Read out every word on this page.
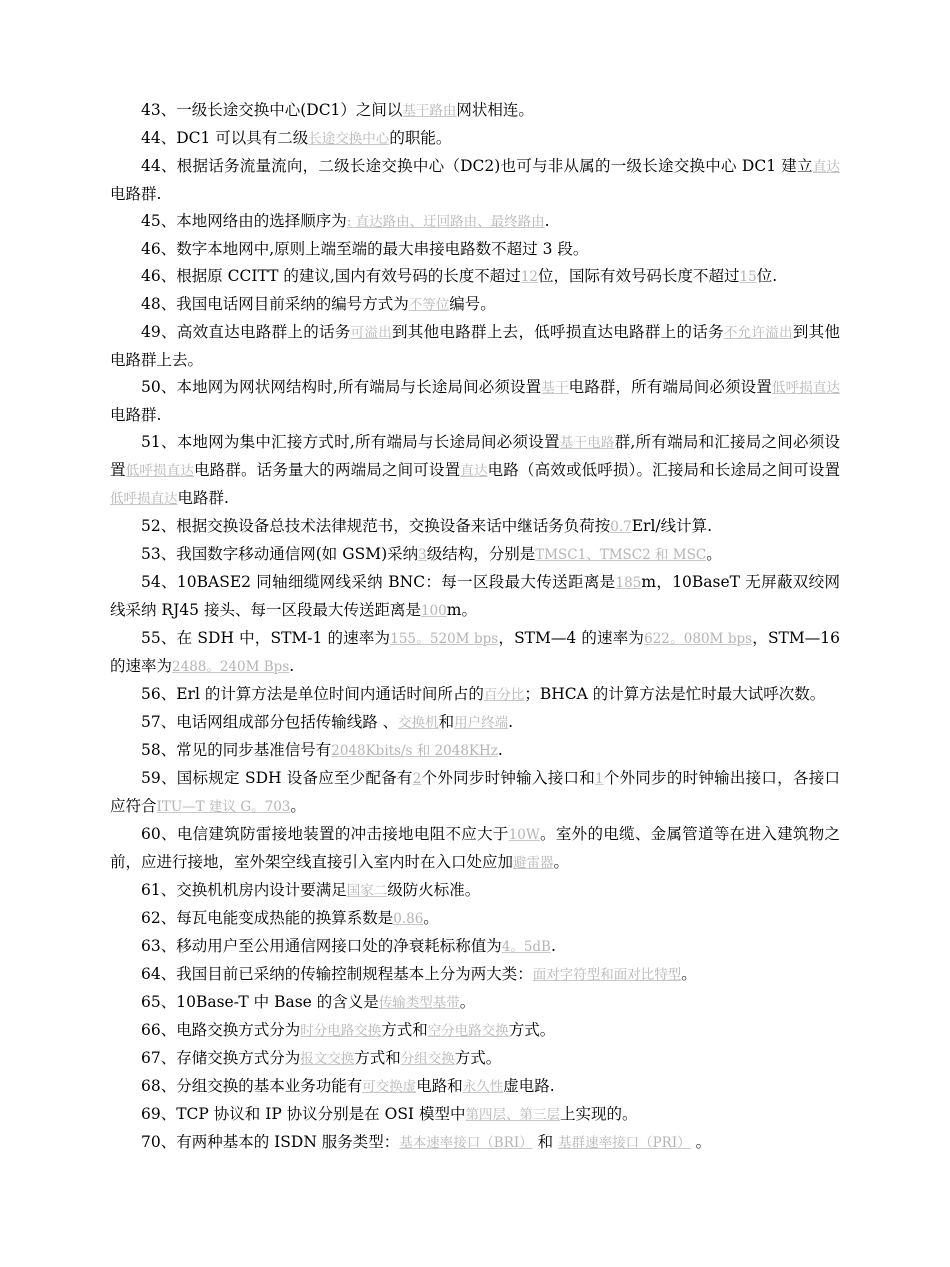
43、一级长途交换中心(DC1）之间以基干路由网状相连。

44、DC1 可以具有二级长途交换中心的职能。

44、根据话务流量流向，二级长途交换中心（DC2)也可与非从属的一级长途交换中心 DC1 建立直达电路群.

45、本地网络由的选择顺序为: 直达路由、迂回路由、最终路由.

46、数字本地网中,原则上端至端的最大串接电路数不超过 3 段。

46、根据原 CCITT 的建议,国内有效号码的长度不超过12位，国际有效号码长度不超过15位.

48、我国电话网目前采纳的编号方式为不等位编号。

49、高效直达电路群上的话务可溢出到其他电路群上去，低呼损直达电路群上的话务不允许溢出到其他电路群上去。

50、本地网为网状网结构时,所有端局与长途局间必须设置基干电路群，所有端局间必须设置低呼损直达电路群.

51、本地网为集中汇接方式时,所有端局与长途局间必须设置基干电路群,所有端局和汇接局之间必须设置低呼损直达电路群。话务量大的两端局之间可设置直达电路（高效或低呼损）。汇接局和长途局之间可设置低呼损直达电路群.

52、根据交换设备总技术法律规范书，交换设备来话中继话务负荷按0.7Erl/线计算.

53、我国数字移动通信网(如 GSM)采纳3级结构，分别是TMSC1、TMSC2 和 MSC。

54、10BASE2 同轴细缆网线采纳 BNC：每一区段最大传送距离是185m，10BaseT 无屏蔽双绞网线采纳 RJ45 接头、每一区段最大传送距离是100m。

55、在 SDH 中，STM-1 的速率为155。520M bps，STM—4 的速率为622。080M bps，STM—16 的速率为2488。240M Bps.

56、Erl 的计算方法是单位时间内通话时间所占的百分比；BHCA 的计算方法是忙时最大试呼次数。

57、电话网组成部分包括传输线路 、交换机和用户终端.

58、常见的同步基准信号有2048Kbits/s 和 2048KHz.

59、国标规定 SDH 设备应至少配备有2个外同步时钟输入接口和1个外同步的时钟输出接口，各接口应符合ITU—T 建议 G。703。

60、电信建筑防雷接地装置的冲击接地电阻不应大于10W。室外的电缆、金属管道等在进入建筑物之前，应进行接地，室外架空线直接引入室内时在入口处应加避雷器。

61、交换机机房内设计要满足国家二级防火标准。

62、每瓦电能变成热能的换算系数是0.86。

63、移动用户至公用通信网接口处的净衰耗标称值为4。5dB.

64、我国目前已采纳的传输控制规程基本上分为两大类：面对字符型和面对比特型。

65、10Base-T 中 Base 的含义是传输类型基带。

66、电路交换方式分为时分电路交换方式和空分电路交换方式。

67、存储交换方式分为报文交换方式和分组交换方式。

68、分组交换的基本业务功能有可交换虚电路和永久性虚电路.

69、TCP 协议和 IP 协议分别是在 OSI 模型中第四层、第三层上实现的。

70、有两种基本的 ISDN 服务类型：基本速率接口（BRI） 和 基群速率接口（PRI） 。
